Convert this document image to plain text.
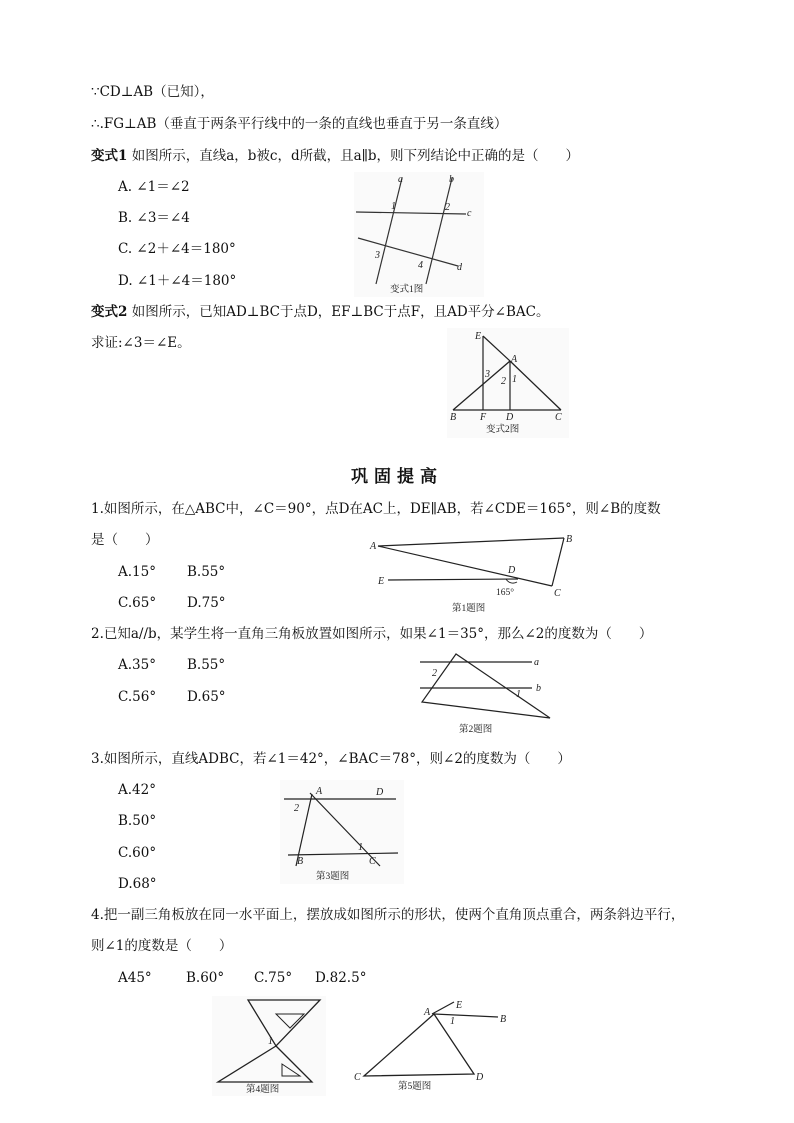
∵CD⊥AB（已知），
∴.FG⊥AB（垂直于两条平行线中的一条的直线也垂直于另一条直线）
变式1 如图所示，直线a，b被c，d所截，且a∥b，则下列结论中正确的是（　　）
A. ∠1＝∠2
B. ∠3＝∠4
C. ∠2＋∠4＝180°
D. ∠1＋∠4＝180°
变式2 如图所示，已知AD⊥BC于点D，EF⊥BC于点F，且AD平分∠BAC。
求证:∠3＝∠E。
巩固提高
1.如图所示，在△ABC中，∠C＝90°，点D在AC上，DE∥AB，若∠CDE＝165°，则∠B的度数
是（　　）
A.15° B.55°
C.65° D.75°
2.已知a//b，某学生将一直角三角板放置如图所示，如果∠1＝35°，那么∠2的度数为（　　）
A.35° B.55°
C.56° D.65°
3.如图所示，直线ADBC，若∠1＝42°，∠BAC＝78°，则∠2的度数为（　　）
A.42°
B.50°
C.60°
D.68°
4.把一副三角板放在同一水平面上，摆放成如图所示的形状，使两个直角顶点重合，两条斜边平行，
则∠1的度数是（　　）
A45°	B.60° C.75° D.82.5°
a	b
c
d
1	2
3
4
变式1图
E
A
3
2 1
B F D	C
变式2图
A
B
E
D
C
165°
第1题图
a
b
2
1
第2题图
A	D
2
1
B	C
第3题图
1
第4题图
E
A
1	B
C	D
第5题图
